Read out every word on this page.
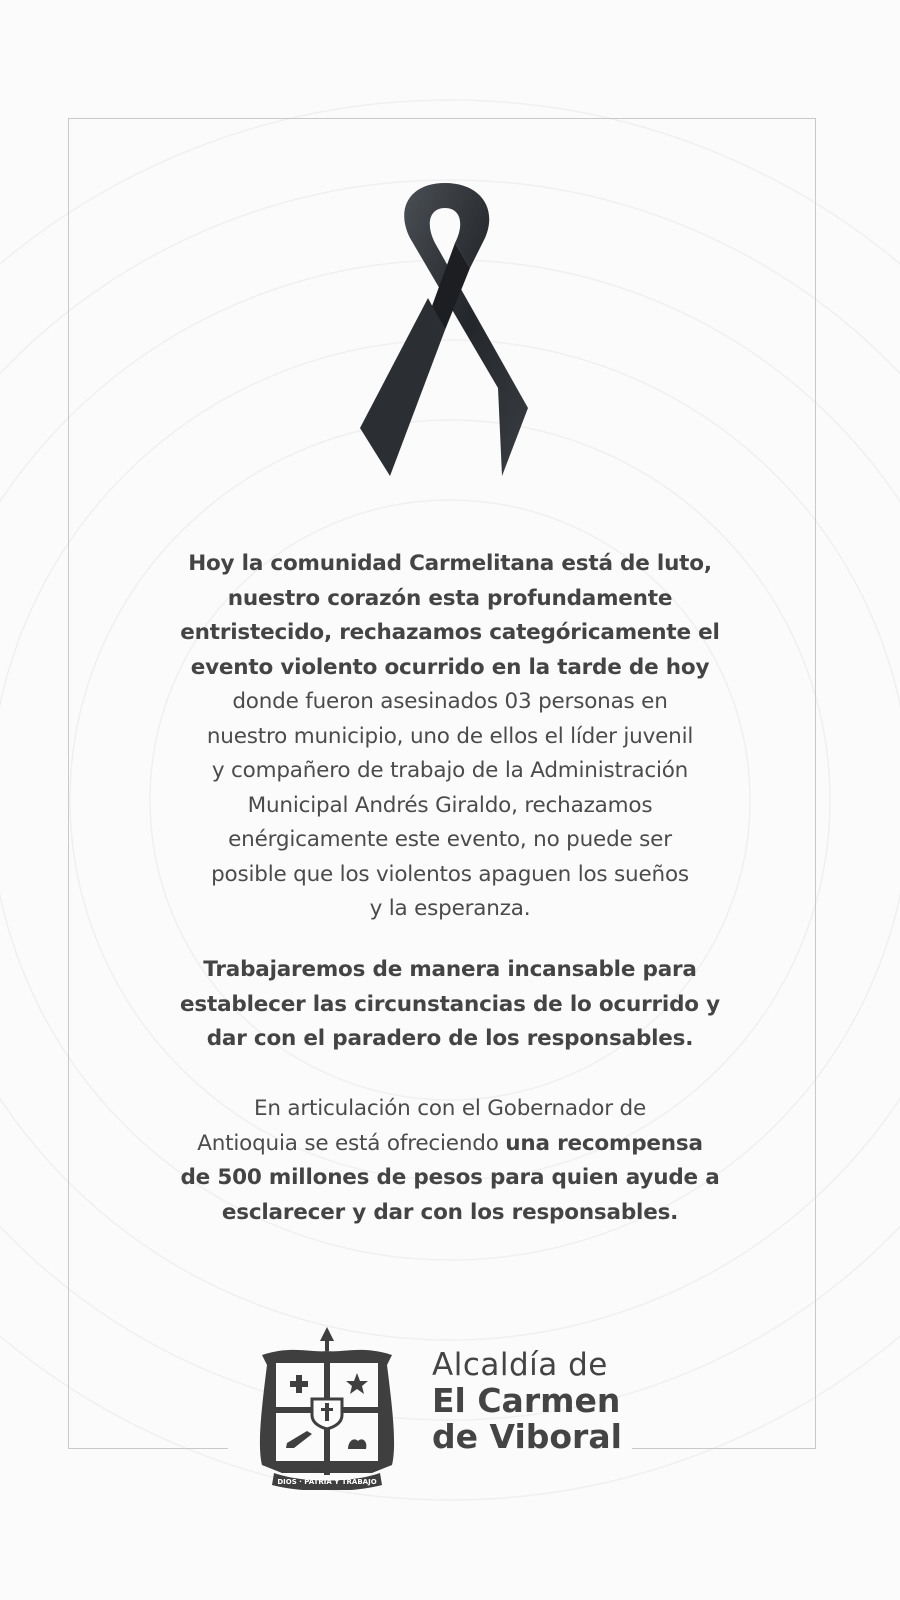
Hoy la comunidad Carmelitana está de luto,
nuestro corazón esta profundamente
entristecido, rechazamos categóricamente el
evento violento ocurrido en la tarde de hoy
donde fueron asesinados 03 personas en
nuestro municipio, uno de ellos el líder juvenil
y compañero de trabajo de la Administración
Municipal Andrés Giraldo, rechazamos
enérgicamente este evento, no puede ser
posible que los violentos apaguen los sueños
y la esperanza.
Trabajaremos de manera incansable para
establecer las circunstancias de lo ocurrido y
dar con el paradero de los responsables.
En articulación con el Gobernador de
Antioquia se está ofreciendo una recompensa
de 500 millones de pesos para quien ayude a
esclarecer y dar con los responsables.
DIOS · PATRIA Y TRABAJO
EL CARMEN DE VIBORAL
Alcaldía de
El Carmen
de Viboral
